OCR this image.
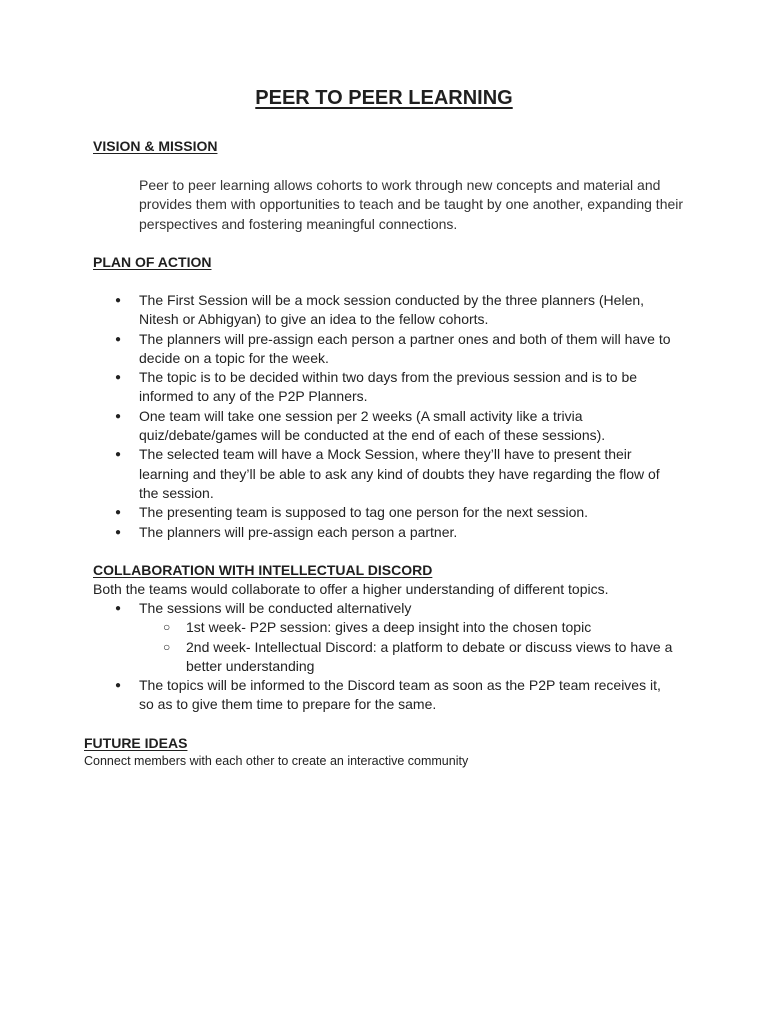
PEER TO PEER LEARNING
VISION & MISSION

Peer to peer learning allows cohorts to work through new concepts and material and provides them with opportunities to teach and be taught by one another, expanding their perspectives and fostering meaningful connections.

PLAN OF ACTION
● The First Session will be a mock session conducted by the three planners (Helen, Nitesh or Abhigyan) to give an idea to the fellow cohorts.
● The planners will pre-assign each person a partner ones and both of them will have to decide on a topic for the week.
● The topic is to be decided within two days from the previous session and is to be informed to any of the P2P Planners.
● One team will take one session per 2 weeks (A small activity like a trivia quiz/debate/games will be conducted at the end of each of these sessions).
● The selected team will have a Mock Session, where they’ll have to present their learning and they’ll be able to ask any kind of doubts they have regarding the flow of the session.
● The presenting team is supposed to tag one person for the next session.
● The planners will pre-assign each person a partner.
COLLABORATION WITH INTELLECTUAL DISCORD

Both the teams would collaborate to offer a higher understanding of different topics.

● The sessions will be conducted alternatively
○ 1st week- P2P session: gives a deep insight into the chosen topic
○ 2nd week- Intellectual Discord: a platform to debate or discuss views to have a better understanding
● The topics will be informed to the Discord team as soon as the P2P team receives it, so as to give them time to prepare for the same.
FUTURE IDEAS

Connect members with each other to create an interactive community
